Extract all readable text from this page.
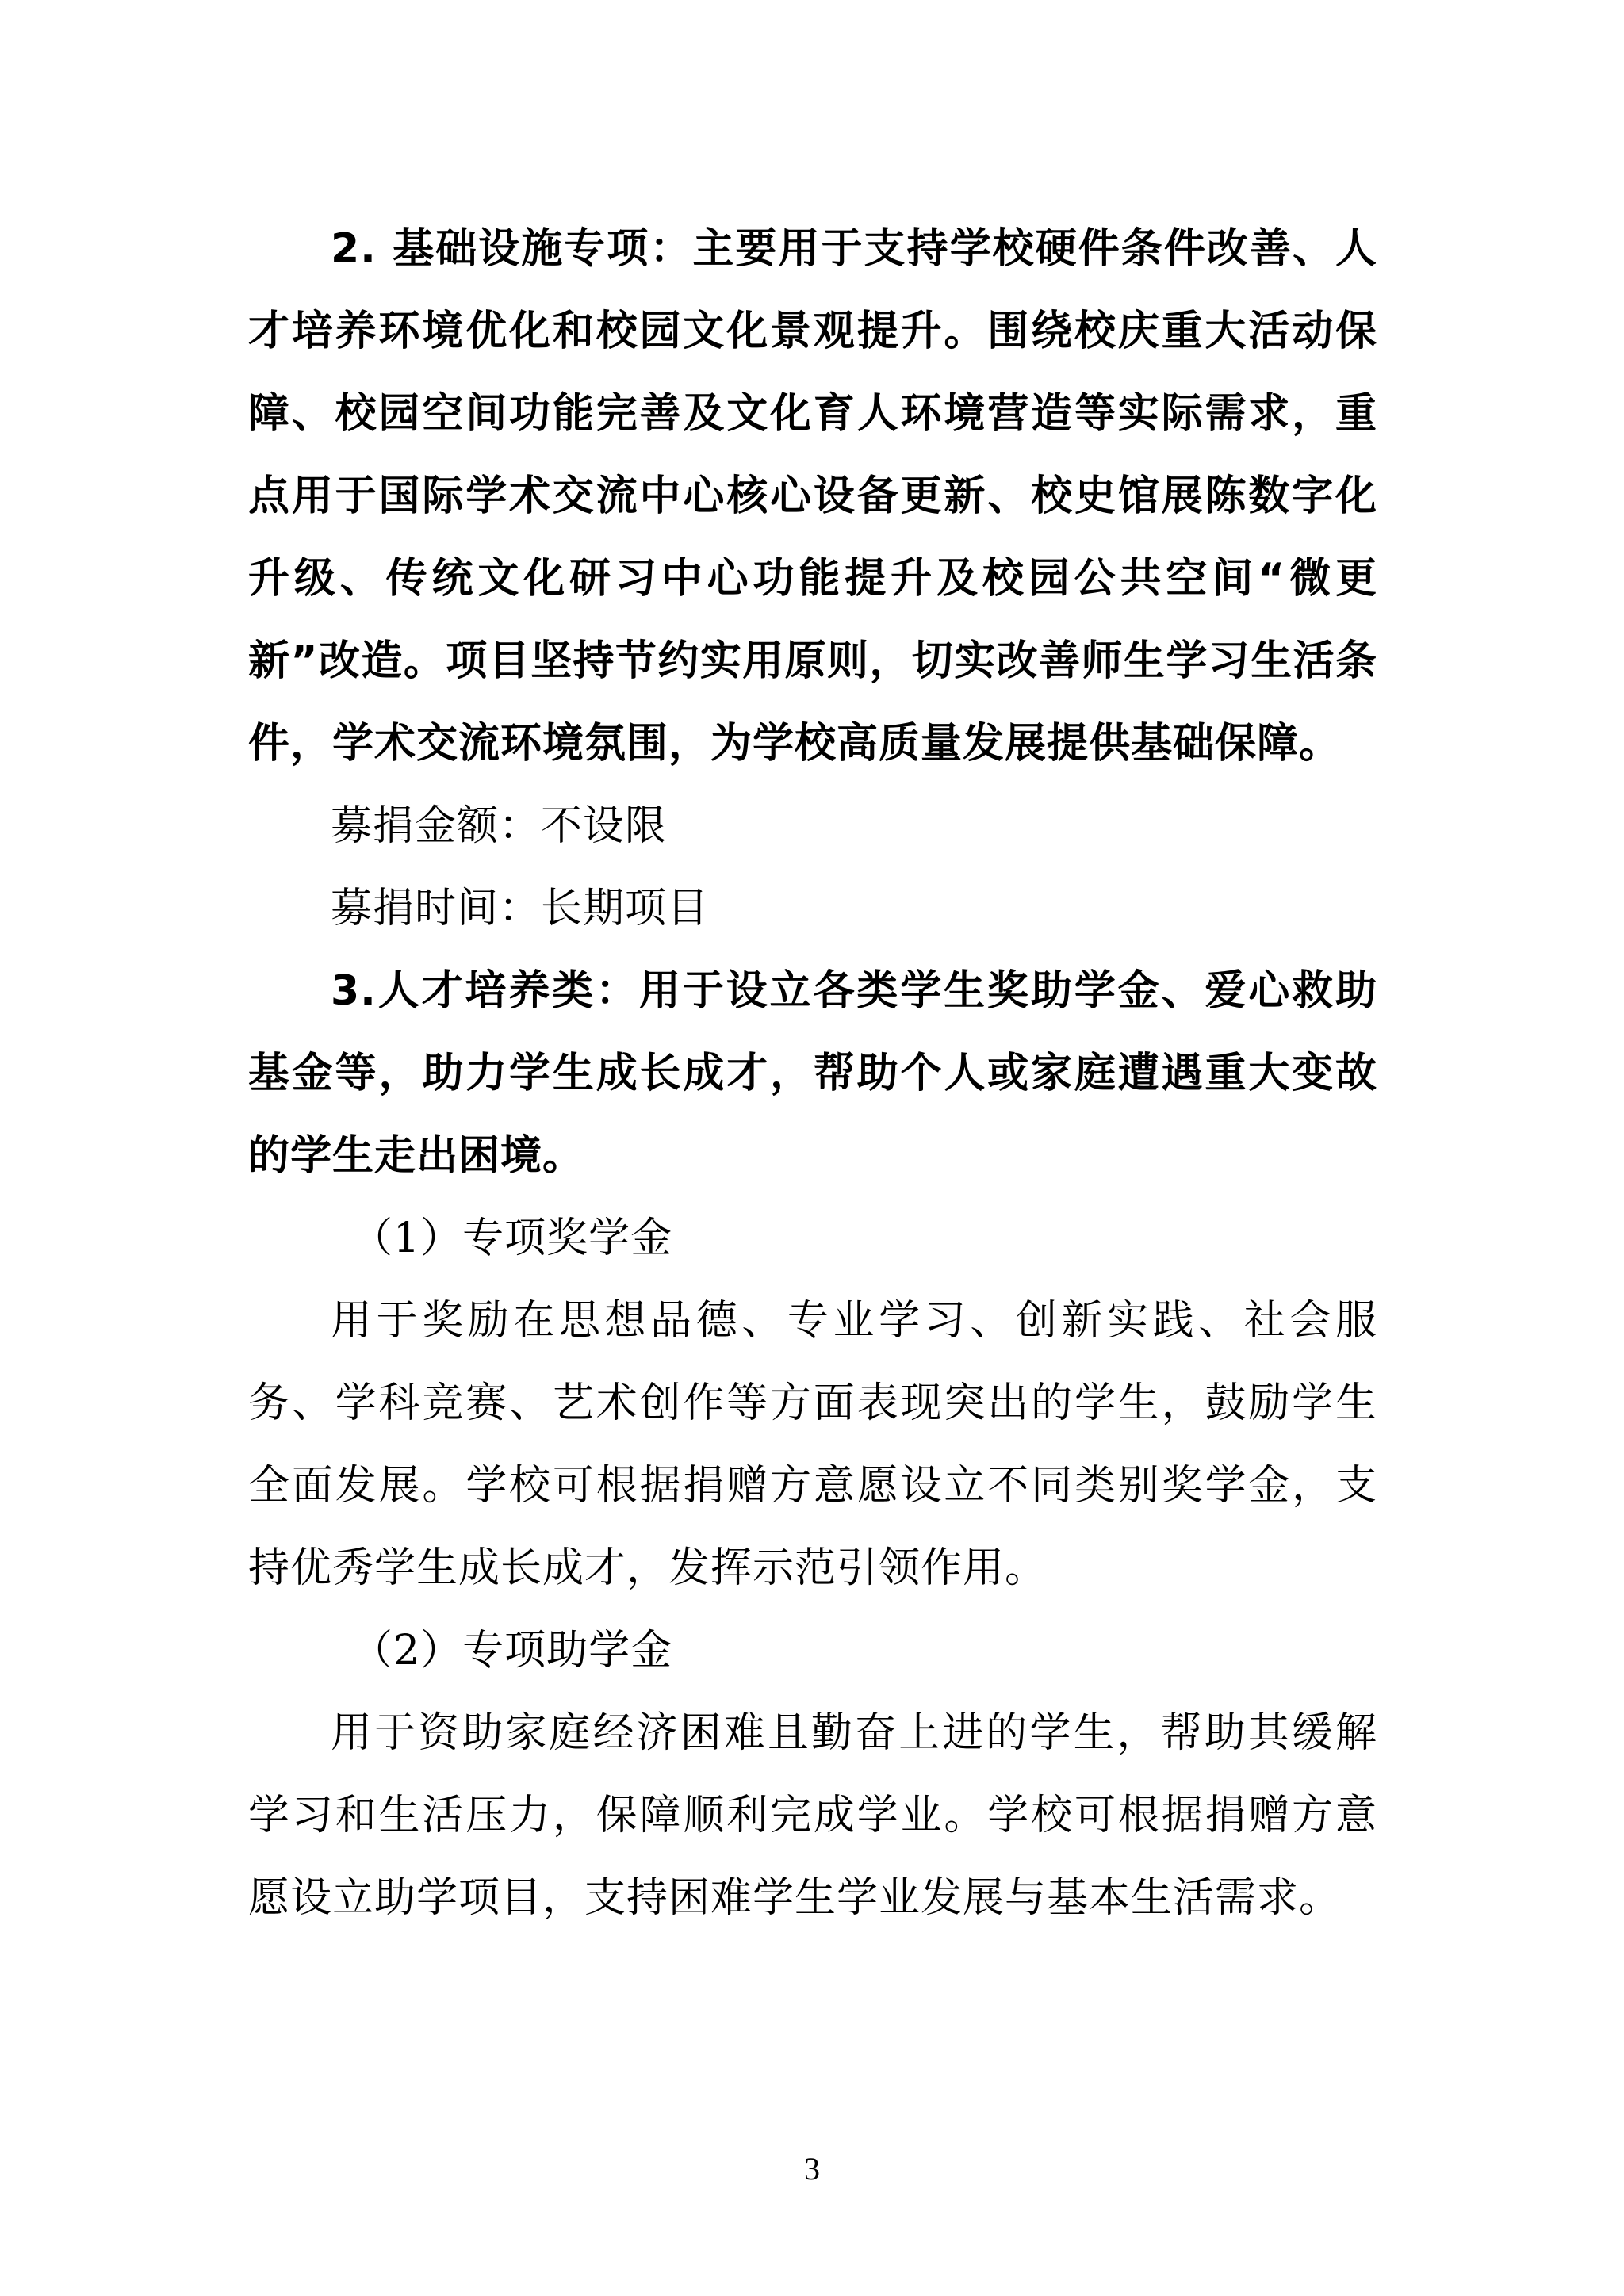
2. 基础设施专项：主要用于支持学校硬件条件改善、人才培养环境优化和校园文化景观提升。围绕校庆重大活动保障、校园空间功能完善及文化育人环境营造等实际需求，重点用于国际学术交流中心核心设备更新、校史馆展陈数字化升级、传统文化研习中心功能提升及校园公共空间“微更新”改造。项目坚持节约实用原则，切实改善师生学习生活条件，学术交流环境氛围，为学校高质量发展提供基础保障。

募捐金额：不设限

募捐时间：长期项目

3.人才培养类：用于设立各类学生奖助学金、爱心救助基金等，助力学生成长成才，帮助个人或家庭遭遇重大变故的学生走出困境。

（1）专项奖学金

用于奖励在思想品德、专业学习、创新实践、社会服务、学科竞赛、艺术创作等方面表现突出的学生，鼓励学生全面发展。学校可根据捐赠方意愿设立不同类别奖学金，支持优秀学生成长成才，发挥示范引领作用。

（2）专项助学金

用于资助家庭经济困难且勤奋上进的学生，帮助其缓解学习和生活压力，保障顺利完成学业。学校可根据捐赠方意愿设立助学项目，支持困难学生学业发展与基本生活需求。

3
